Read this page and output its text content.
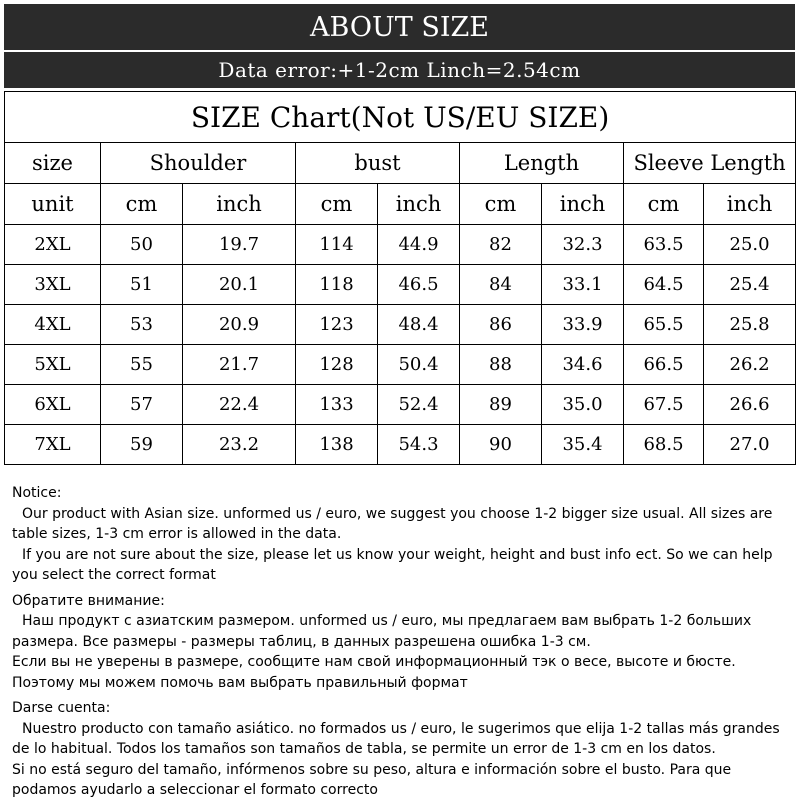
ABOUT SIZE
Data error:+1-2cm Linch=2.54cm
SIZE Chart(Not US/EU SIZE)								
size	Shoulder		bust		Length		Sleeve Length	
unit	cm	inch	cm	inch	cm	inch	cm	inch
2XL	50	19.7	114	44.9	82	32.3	63.5	25.0
3XL	51	20.1	118	46.5	84	33.1	64.5	25.4
4XL	53	20.9	123	48.4	86	33.9	65.5	25.8
5XL	55	21.7	128	50.4	88	34.6	66.5	26.2
6XL	57	22.4	133	52.4	89	35.0	67.5	26.6
7XL	59	23.2	138	54.3	90	35.4	68.5	27.0

Notice:

Our product with Asian size. unformed us / euro, we suggest you choose 1-2 bigger size usual. All sizes are table sizes, 1-3 cm error is allowed in the data.

If you are not sure about the size, please let us know your weight, height and bust info ect. So we can help you select the correct format

Обратите внимание:

Наш продукт с азиатским размером. unformed us / euro, мы предлагаем вам выбрать 1-2 больших размера. Все размеры - размеры таблиц, в данных разрешена ошибка 1-3 см.

Если вы не уверены в размере, сообщите нам свой информационный тэк о весе, высоте и бюсте. Поэтому мы можем помочь вам выбрать правильный формат

Darse cuenta:

Nuestro producto con tamaño asiático. no formados us / euro, le sugerimos que elija 1-2 tallas más grandes de lo habitual. Todos los tamaños son tamaños de tabla, se permite un error de 1-3 cm en los datos.

Si no está seguro del tamaño, infórmenos sobre su peso, altura e información sobre el busto. Para que podamos ayudarlo a seleccionar el formato correcto
